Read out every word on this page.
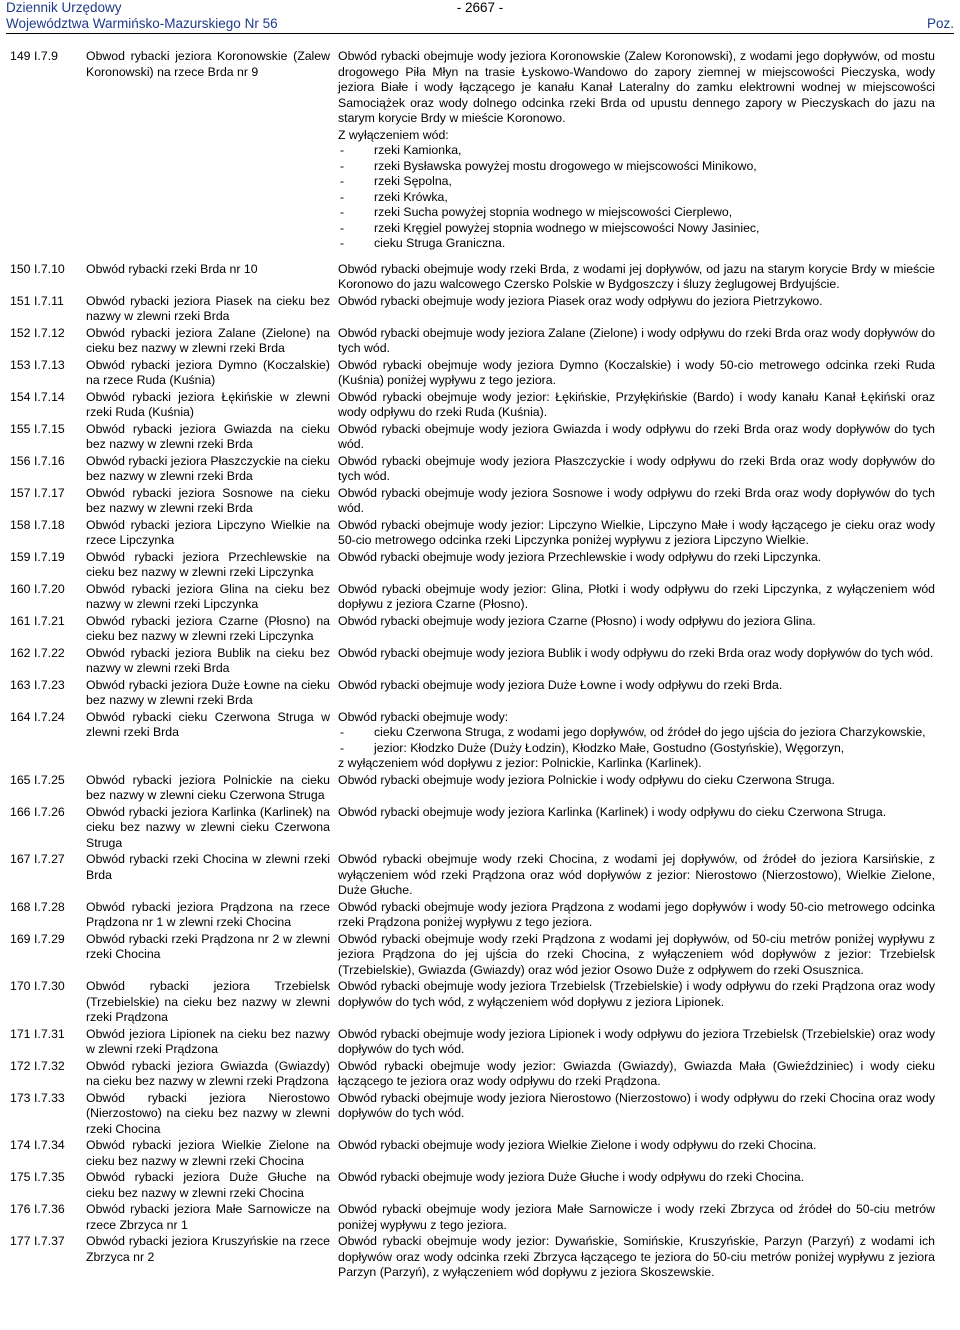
Dziennik Urzędowy
Województwa Warmińsko-Mazurskiego Nr 56
- 2667 -
Poz.
149 I.7.9	Obwod rybacki jeziora Koronowskie (Zalew Koronowski) na rzece Brda nr 9
Obwód rybacki obejmuje wody jeziora Koronowskie (Zalew Koronowski), z wodami jego dopływów, od mostu drogowego Piła Młyn na trasie Łyskowo-Wandowo do zapory ziemnej w miejscowości Pieczyska, wody jeziora Białe i wody łączącego je kanału Kanał Lateralny do zamku elektrowni wodnej w miejscowości Samociążek oraz wody dolnego odcinka rzeki Brda od upustu dennego zapory w Pieczyskach do jazu na starym korycie Brdy w mieście Koronowo.
Z wyłączeniem wód:
-	rzeki Kamionka,
-	rzeki Bysławska powyżej mostu drogowego w miejscowości Minikowo,
-	rzeki Sępolna,
-	rzeki Krówka,
-	rzeki Sucha powyżej stopnia wodnego w miejscowości Cierplewo,
-	rzeki Kręgiel powyżej stopnia wodnego w miejscowości Nowy Jasiniec,
-	cieku Struga Graniczna.
150 I.7.10	Obwód rybacki rzeki Brda nr 10	Obwód rybacki obejmuje wody rzeki Brda, z wodami jej dopływów, od jazu na starym korycie Brdy w mieście Koronowo do jazu walcowego Czersko Polskie w Bydgoszczy i śluzy żeglugowej Brdyujście.
151 I.7.11	Obwód rybacki jeziora Piasek na cieku bez nazwy w zlewni rzeki Brda
Obwód rybacki obejmuje wody jeziora Piasek oraz wody odpływu do jeziora Pietrzykowo.
152 I.7.12	Obwód rybacki jeziora Zalane (Zielone) na cieku bez nazwy w zlewni rzeki Brda
Obwód rybacki obejmuje wody jeziora Zalane (Zielone) i wody odpływu do rzeki Brda oraz wody dopływów do tych wód.
153 I.7.13	Obwód rybacki jeziora Dymno (Koczalskie) na rzece Ruda (Kuśnia)
Obwód rybacki obejmuje wody jeziora Dymno (Koczalskie) i wody 50-cio metrowego odcinka rzeki Ruda (Kuśnia) poniżej wypływu z tego jeziora.
154 I.7.14	Obwód rybacki jeziora Łękińskie w zlewni rzeki Ruda (Kuśnia)
Obwód rybacki obejmuje wody jezior: Łękińskie, Przyłękińskie (Bardo) i wody kanału Kanał Łękiński oraz wody odpływu do rzeki Ruda (Kuśnia).
155 I.7.15	Obwód rybacki jeziora Gwiazda na cieku bez nazwy w zlewni rzeki Brda
Obwód rybacki obejmuje wody jeziora Gwiazda i wody odpływu do rzeki Brda oraz wody dopływów do tych wód.
156 I.7.16	Obwód rybacki jeziora Płaszczyckie na cieku bez nazwy w zlewni rzeki Brda
Obwód rybacki obejmuje wody jeziora Płaszczyckie i wody odpływu do rzeki Brda oraz wody dopływów do tych wód.
157 I.7.17	Obwód rybacki jeziora Sosnowe na cieku bez nazwy w zlewni rzeki Brda
Obwód rybacki obejmuje wody jeziora Sosnowe i wody odpływu do rzeki Brda oraz wody dopływów do tych wód.
158 I.7.18	Obwód rybacki jeziora Lipczyno Wielkie na rzece Lipczynka
Obwód rybacki obejmuje wody jezior: Lipczyno Wielkie, Lipczyno Małe i wody łączącego je cieku oraz wody 50-cio metrowego odcinka rzeki Lipczynka poniżej wypływu z jeziora Lipczyno Wielkie.
159 I.7.19	Obwód rybacki jeziora Przechlewskie na cieku bez nazwy w zlewni rzeki Lipczynka
Obwód rybacki obejmuje wody jeziora Przechlewskie i wody odpływu do rzeki Lipczynka.
160 I.7.20	Obwód rybacki jeziora Glina na cieku bez nazwy w zlewni rzeki Lipczynka
Obwód rybacki obejmuje wody jezior: Glina, Płotki i wody odpływu do rzeki Lipczynka, z wyłączeniem wód dopływu z jeziora Czarne (Płosno).
161 I.7.21	Obwód rybacki jeziora Czarne (Płosno) na cieku bez nazwy w zlewni rzeki Lipczynka
Obwód rybacki obejmuje wody jeziora Czarne (Płosno) i wody odpływu do jeziora Glina.
162 I.7.22	Obwód rybacki jeziora Bublik na cieku bez nazwy w zlewni rzeki Brda
Obwód rybacki obejmuje wody jeziora Bublik i wody odpływu do rzeki Brda oraz wody dopływów do tych wód.
163 I.7.23	Obwód rybacki jeziora Duże Łowne na cieku bez nazwy w zlewni rzeki Brda
Obwód rybacki obejmuje wody jeziora Duże Łowne i wody odpływu do rzeki Brda.
164 I.7.24	Obwód rybacki cieku Czerwona Struga w zlewni rzeki Brda
Obwód rybacki obejmuje wody:
-	cieku Czerwona Struga, z wodami jego dopływów, od źródeł do jego ujścia do jeziora Charzykowskie,
-	jezior: Kłodzko Duże (Duży Łodzin), Kłodzko Małe, Gostudno (Gostyńskie), Węgorzyn,
z wyłączeniem wód dopływu z jezior: Polnickie, Karlinka (Karlinek).
165 I.7.25	Obwód rybacki jeziora Polnickie na cieku bez nazwy w zlewni cieku Czerwona Struga
Obwód rybacki obejmuje wody jeziora Polnickie i wody odpływu do cieku Czerwona Struga.
166 I.7.26	Obwód rybacki jeziora Karlinka (Karlinek) na cieku bez nazwy w zlewni cieku Czerwona Struga
Obwód rybacki obejmuje wody jeziora Karlinka (Karlinek) i wody odpływu do cieku Czerwona Struga.
167 I.7.27	Obwód rybacki rzeki Chocina w zlewni rzeki Brda
Obwód rybacki obejmuje wody rzeki Chocina, z wodami jej dopływów, od źródeł do jeziora Karsińskie, z wyłączeniem wód rzeki Prądzona oraz wód dopływów z jezior: Nierostowo (Nierzostowo), Wielkie Zielone, Duże Głuche.
168 I.7.28	Obwód rybacki jeziora Prądzona na rzece Prądzona nr 1 w zlewni rzeki Chocina
Obwód rybacki obejmuje wody jeziora Prądzona z wodami jego dopływów i wody 50-cio metrowego odcinka rzeki Prądzona poniżej wypływu z tego jeziora.
169 I.7.29	Obwód rybacki rzeki Prądzona nr 2 w zlewni rzeki Chocina
Obwód rybacki obejmuje wody rzeki Prądzona z wodami jej dopływów, od 50-ciu metrów poniżej wypływu z jeziora Prądzona do jej ujścia do rzeki Chocina, z wyłączeniem wód dopływów z jezior: Trzebielsk (Trzebielskie), Gwiazda (Gwiazdy) oraz wód jezior Osowo Duże z odpływem do rzeki Osusznica.
170 I.7.30	Obwód rybacki jeziora Trzebielsk (Trzebielskie) na cieku bez nazwy w zlewni rzeki Prądzona
Obwód rybacki obejmuje wody jeziora Trzebielsk (Trzebielskie) i wody odpływu do rzeki Prądzona oraz wody dopływów do tych wód, z wyłączeniem wód dopływu z jeziora Lipionek.
171 I.7.31	Obwód jeziora Lipionek na cieku bez nazwy w zlewni rzeki Prądzona
Obwód rybacki obejmuje wody jeziora Lipionek i wody odpływu do jeziora Trzebielsk (Trzebielskie) oraz wody dopływów do tych wód.
172 I.7.32	Obwód rybacki jeziora Gwiazda (Gwiazdy) na cieku bez nazwy w zlewni rzeki Prądzona
Obwód rybacki obejmuje wody jezior: Gwiazda (Gwiazdy), Gwiazda Mała (Gwieździniec) i wody cieku łączącego te jeziora oraz wody odpływu do rzeki Prądzona.
173 I.7.33	Obwód rybacki jeziora Nierostowo (Nierzostowo) na cieku bez nazwy w zlewni rzeki Chocina
Obwód rybacki obejmuje wody jeziora Nierostowo (Nierzostowo) i wody odpływu do rzeki Chocina oraz wody dopływów do tych wód.
174 I.7.34	Obwód rybacki jeziora Wielkie Zielone na cieku bez nazwy w zlewni rzeki Chocina
Obwód rybacki obejmuje wody jeziora Wielkie Zielone i wody odpływu do rzeki Chocina.
175 I.7.35	Obwód rybacki jeziora Duże Głuche na cieku bez nazwy w zlewni rzeki Chocina
Obwód rybacki obejmuje wody jeziora Duże Głuche i wody odpływu do rzeki Chocina.
176 I.7.36	Obwód rybacki jeziora Małe Sarnowicze na rzece Zbrzyca nr 1
Obwód rybacki obejmuje wody jeziora Małe Sarnowicze i wody rzeki Zbrzyca od źródeł do 50-ciu metrów poniżej wypływu z tego jeziora.
177 I.7.37	Obwód rybacki jeziora Kruszyńskie na rzece Zbrzyca nr 2
Obwód rybacki obejmuje wody jezior: Dywańskie, Somińskie, Kruszyńskie, Parzyn (Parzyń) z wodami ich dopływów oraz wody odcinka rzeki Zbrzyca łączącego te jeziora do 50-ciu metrów poniżej wypływu z jeziora Parzyn (Parzyń), z wyłączeniem wód dopływu z jeziora Skoszewskie.
